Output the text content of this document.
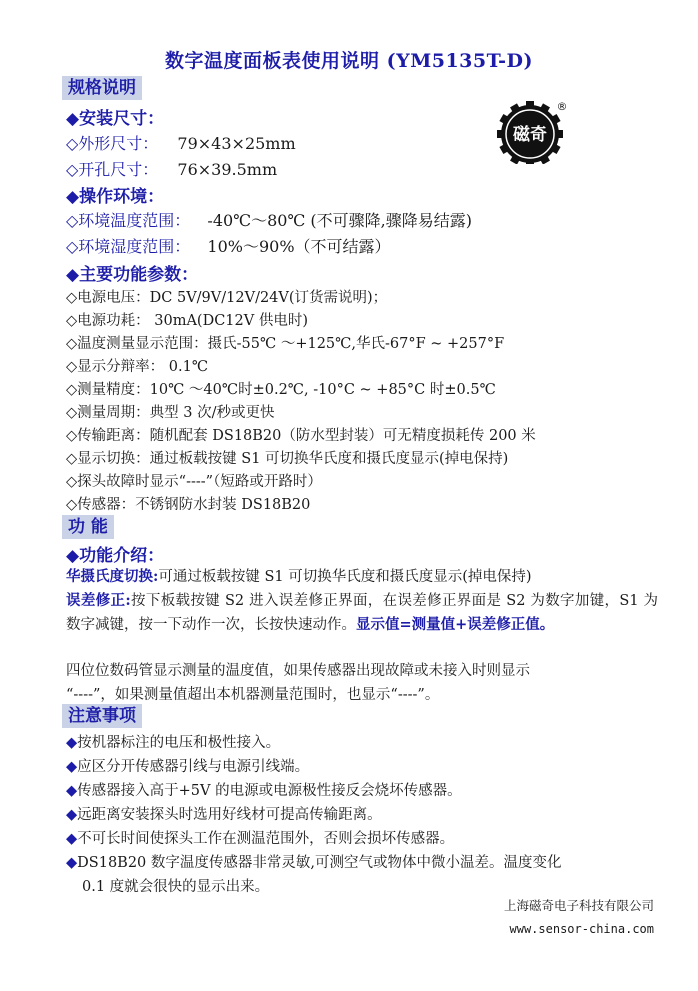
数字温度面板表使用说明 (YM5135T-D)
磁奇
®
规格说明
◆安装尺寸：
◇外形尺寸： 79×43×25mm
◇开孔尺寸： 76×39.5mm
◆操作环境：
◇环境温度范围： -40℃～80℃ (不可骤降,骤降易结露)
◇环境湿度范围： 10%～90%（不可结露）
◆主要功能参数：
◇电源电压：DC 5V/9V/12V/24V(订货需说明)；
◇电源功耗： 30mA(DC12V 供电时)
◇温度测量显示范围：摄氏-55℃ ～+125℃,华氏-67°F ~ +257°F
◇显示分辩率： 0.1℃
◇测量精度：10℃ ～40℃时±0.2℃, -10°C ~ +85°C 时±0.5℃
◇测量周期：典型 3 次/秒或更快
◇传输距离：随机配套 DS18B20（防水型封装）可无精度损耗传 200 米
◇显示切换：通过板载按键 S1 可切换华氏度和摄氏度显示(掉电保持)
◇探头故障时显示“----”（短路或开路时）
◇传感器：不锈钢防水封装 DS18B20
功 能
◆功能介绍：
华摄氏度切换:可通过板载按键 S1 可切换华氏度和摄氏度显示(掉电保持)
误差修正:按下板载按键 S2 进入误差修正界面，在误差修正界面是 S2 为数字加键，S1 为数字减键，按一下动作一次，长按快速动作。显示值=测量值+误差修正值。
四位位数码管显示测量的温度值，如果传感器出现故障或未接入时则显示
“----”，如果测量值超出本机器测量范围时，也显示“----”。
注意事项
◆按机器标注的电压和极性接入。
◆应区分开传感器引线与电源引线端。
◆传感器接入高于+5V 的电源或电源极性接反会烧坏传感器。
◆远距离安装探头时选用好线材可提高传输距离。
◆不可长时间使探头工作在测温范围外，否则会损坏传感器。
◆DS18B20 数字温度传感器非常灵敏,可测空气或物体中微小温差。温度变化
0.1 度就会很快的显示出来。
上海磁奇电子科技有限公司
www.sensor-china.com
